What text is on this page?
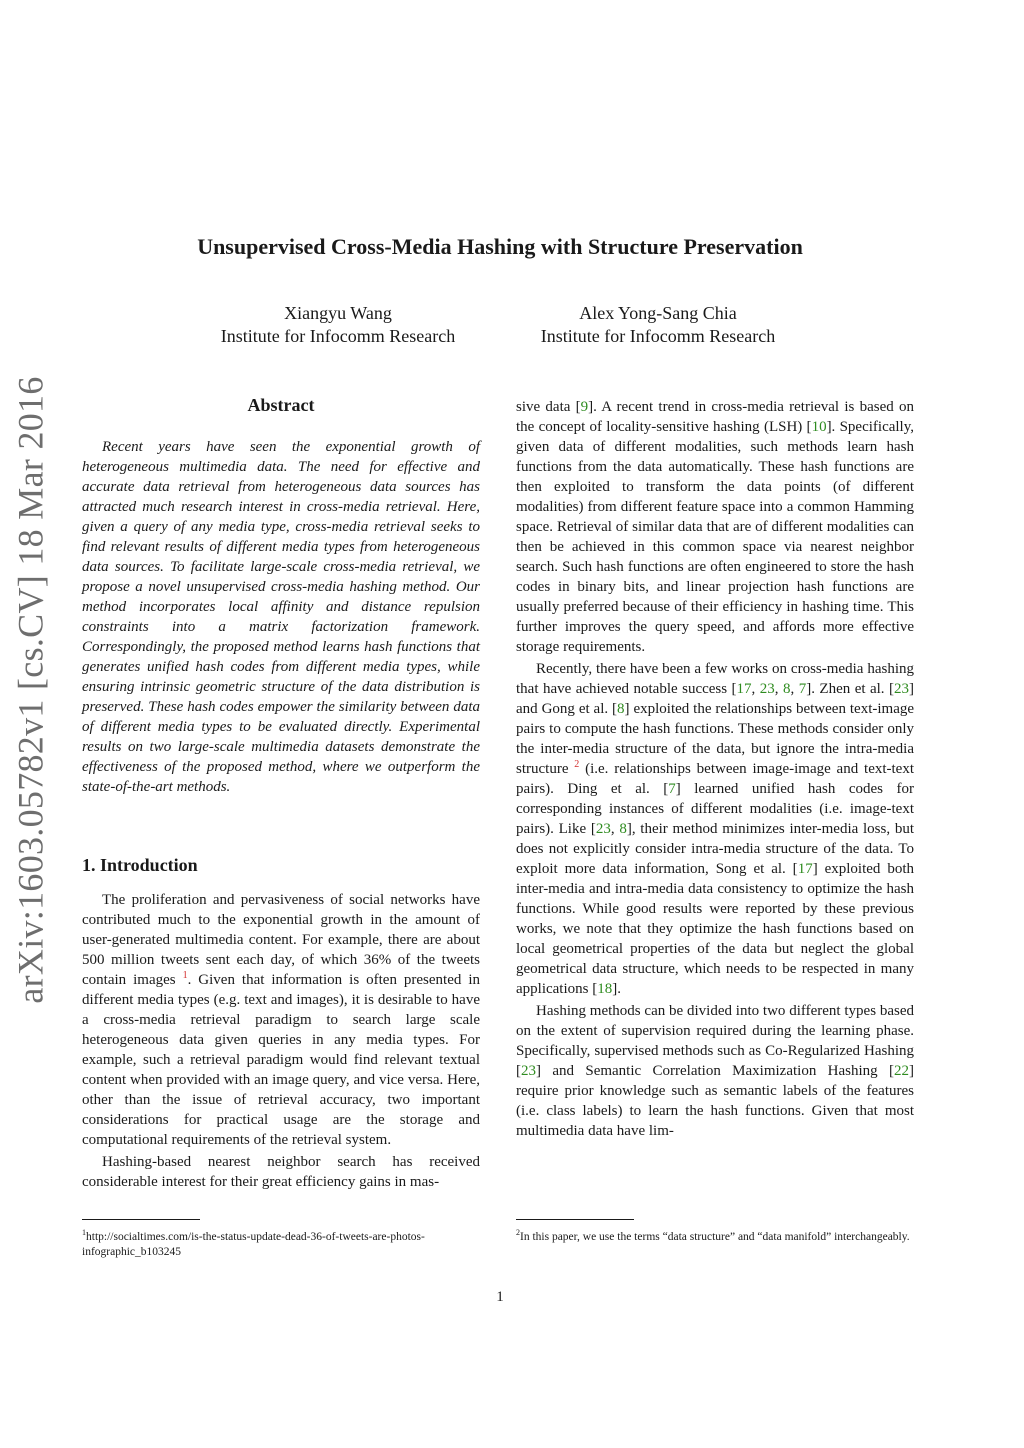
arXiv:1603.05782v1 [cs.CV] 18 Mar 2016
Unsupervised Cross-Media Hashing with Structure Preservation
Xiangyu Wang
Institute for Infocomm Research
Alex Yong-Sang Chia
Institute for Infocomm Research
Abstract
Recent years have seen the exponential growth of heterogeneous multimedia data. The need for effective and accurate data retrieval from heterogeneous data sources has attracted much research interest in cross-media retrieval. Here, given a query of any media type, cross-media retrieval seeks to find relevant results of different media types from heterogeneous data sources. To facilitate large-scale cross-media retrieval, we propose a novel unsupervised cross-media hashing method. Our method incorporates local affinity and distance repulsion constraints into a matrix factorization framework. Correspondingly, the proposed method learns hash functions that generates unified hash codes from different media types, while ensuring intrinsic geometric structure of the data distribution is preserved. These hash codes empower the similarity between data of different media types to be evaluated directly. Experimental results on two large-scale multimedia datasets demonstrate the effectiveness of the proposed method, where we outperform the state-of-the-art methods.
1. Introduction

The proliferation and pervasiveness of social networks have contributed much to the exponential growth in the amount of user-generated multimedia content. For example, there are about 500 million tweets sent each day, of which 36% of the tweets contain images $^1$. Given that information is often presented in different media types (e.g. text and images), it is desirable to have a cross-media retrieval paradigm to search large scale heterogeneous data given queries in any media types. For example, such a retrieval paradigm would find relevant textual content when provided with an image query, and vice versa. Here, other than the issue of retrieval accuracy, two important considerations for practical usage are the storage and computational requirements of the retrieval system.

Hashing-based nearest neighbor search has received considerable interest for their great efficiency gains in mas-

sive data [9]. A recent trend in cross-media retrieval is based on the concept of locality-sensitive hashing (LSH) [10]. Specifically, given data of different modalities, such methods learn hash functions from the data automatically. These hash functions are then exploited to transform the data points (of different modalities) from different feature space into a common Hamming space. Retrieval of similar data that are of different modalities can then be achieved in this common space via nearest neighbor search. Such hash functions are often engineered to store the hash codes in binary bits, and linear projection hash functions are usually preferred because of their efficiency in hashing time. This further improves the query speed, and affords more effective storage requirements.

Recently, there have been a few works on cross-media hashing that have achieved notable success [17, 23, 8, 7]. Zhen et al. [23] and Gong et al. [8] exploited the relationships between text-image pairs to compute the hash functions. These methods consider only the inter-media structure of the data, but ignore the intra-media structure $^2$ (i.e. relationships between image-image and text-text pairs). Ding et al. [7] learned unified hash codes for corresponding instances of different modalities (i.e. image-text pairs). Like [23, 8], their method minimizes inter-media loss, but does not explicitly consider intra-media structure of the data. To exploit more data information, Song et al. [17] exploited both inter-media and intra-media data consistency to optimize the hash functions. While good results were reported by these previous works, we note that they optimize the hash functions based on local geometrical properties of the data but neglect the global geometrical data structure, which needs to be respected in many applications [18].

Hashing methods can be divided into two different types based on the extent of supervision required during the learning phase. Specifically, supervised methods such as Co-Regularized Hashing [23] and Semantic Correlation Maximization Hashing [22] require prior knowledge such as semantic labels of the features (i.e. class labels) to learn the hash functions. Given that most multimedia data have lim-

$^1$http://socialtimes.com/is-the-status-update-dead-36-of-tweets-are-photos-infographic_b103245
$^2$In this paper, we use the terms “data structure” and “data manifold” interchangeably.
1
